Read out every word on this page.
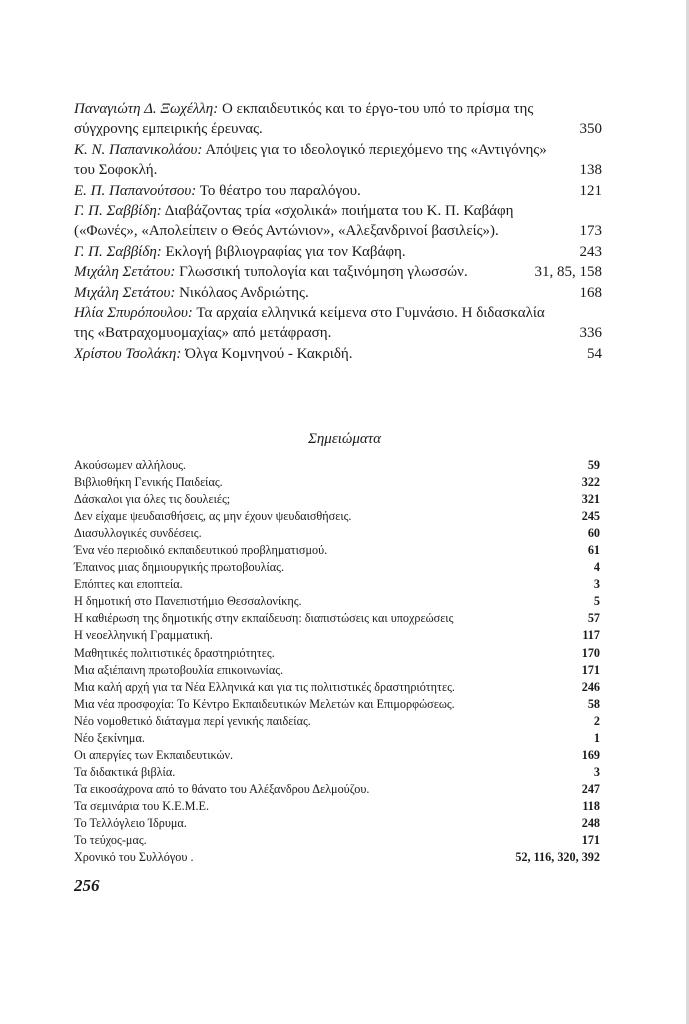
Παναγιώτη Δ. Ξωχέλλη: Ο εκπαιδευτικός και το έργο-του υπό το πρίσμα της σύγχρονης εμπειρικής έρευνας.	350
Κ. Ν. Παπανικολάου: Απόψεις για το ιδεολογικό περιεχόμενο της «Αντιγόνης» του Σοφοκλή.	138
Ε. Π. Παπανούτσου: Το θέατρο του παραλόγου.	121
Γ. Π. Σαββίδη: Διαβάζοντας τρία «σχολικά» ποιήματα του Κ. Π. Καβάφη («Φωνές», «Απολείπειν ο Θεός Αντώνιον», «Αλεξανδρινοί βασιλείς»).	173
Γ. Π. Σαββίδη: Εκλογή βιβλιογραφίας για τον Καβάφη.	243
Μιχάλη Σετάτου: Γλωσσική τυπολογία και ταξινόμηση γλωσσών.	31, 85, 158
Μιχάλη Σετάτου: Νικόλαος Ανδριώτης.	168
Ηλία Σπυρόπουλου: Τα αρχαία ελληνικά κείμενα στο Γυμνάσιο. Η διδασκαλία της «Βατραχομυομαχίας» από μετάφραση.	336
Χρίστου Τσολάκη: Όλγα Κομνηνού - Κακριδή.	54
Σημειώματα
Ακούσωμεν αλλήλους.	59
Βιβλιοθήκη Γενικής Παιδείας.	322
Δάσκαλοι για όλες τις δουλειές;	321
Δεν είχαμε ψευδαισθήσεις, ας μην έχουν ψευδαισθήσεις.	245
Διασυλλογικές συνδέσεις.	60
Ένα νέο περιοδικό εκπαιδευτικού προβληματισμού.	61
Έπαινος μιας δημιουργικής πρωτοβουλίας.	4
Επόπτες και εποπτεία.	3
Η δημοτική στο Πανεπιστήμιο Θεσσαλονίκης.	5
Η καθιέρωση της δημοτικής στην εκπαίδευση: διαπιστώσεις και υποχρεώσεις	57
Η νεοελληνική Γραμματική.	117
Μαθητικές πολιτιστικές δραστηριότητες.	170
Μια αξιέπαινη πρωτοβουλία επικοινωνίας.	171
Μια καλή αρχή για τα Νέα Ελληνικά και για τις πολιτιστικές δραστηριότητες.	246
Μια νέα προσφοχία: Το Κέντρο Εκπαιδευτικών Μελετών και Επιμορφώσεως.	58
Νέο νομοθετικό διάταγμα περί γενικής παιδείας.	2
Νέο ξεκίνημα.	1
Οι απεργίες των Εκπαιδευτικών.	169
Τα διδακτικά βιβλία.	3
Τα εικοσάχρονα από το θάνατο του Αλέξανδρου Δελμούζου.	247
Τα σεμινάρια του Κ.Ε.Μ.Ε.	118
Το Τελλόγλειο Ίδρυμα.	248
Το τεύχος-μας.	171
Χρονικό του Συλλόγου .	52, 116, 320, 392
256
